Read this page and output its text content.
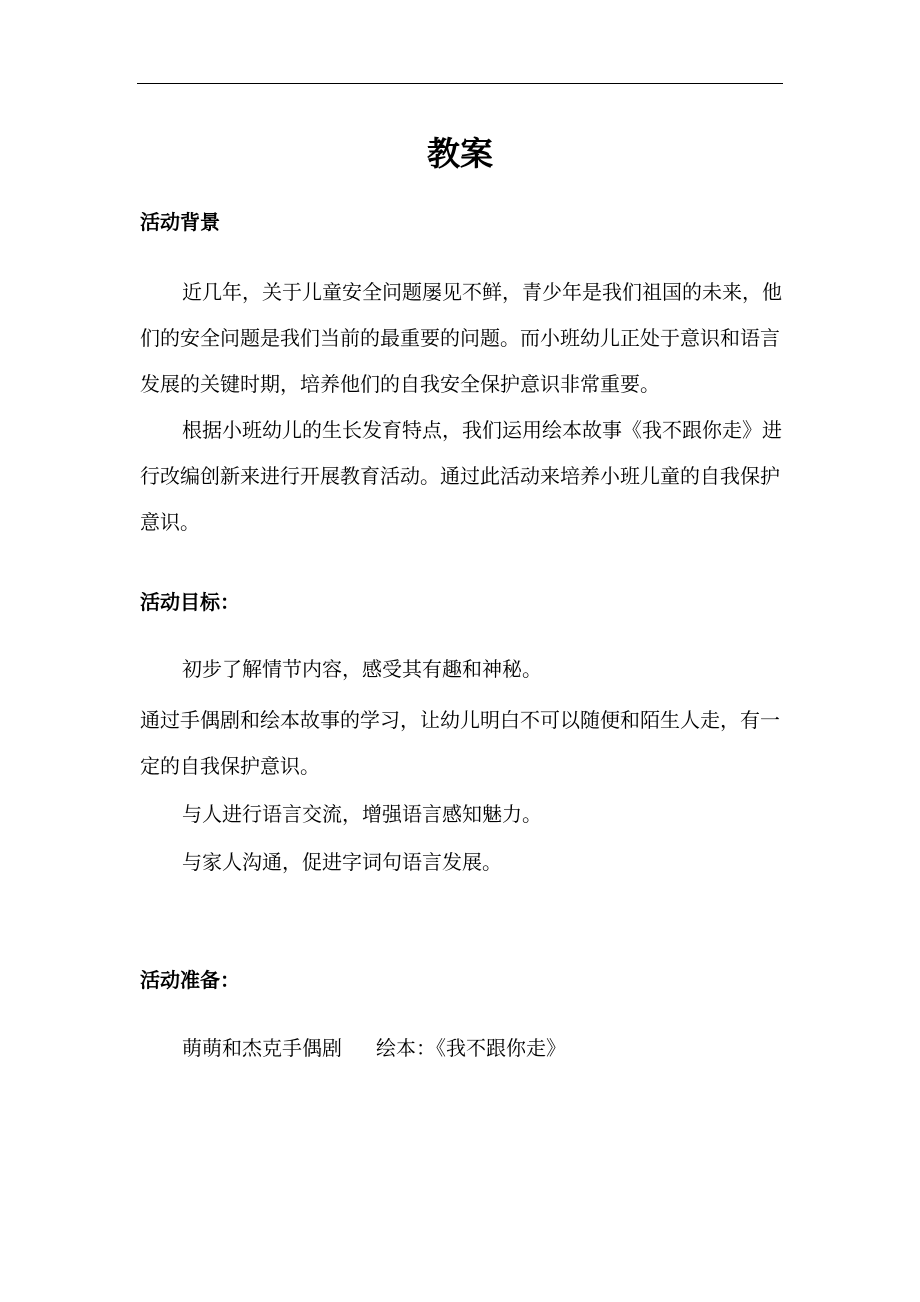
教案
活动背景

近几年，关于儿童安全问题屡见不鲜，青少年是我们祖国的未来，他们的安全问题是我们当前的最重要的问题。而小班幼儿正处于意识和语言发展的关键时期，培养他们的自我安全保护意识非常重要。

根据小班幼儿的生长发育特点，我们运用绘本故事《我不跟你走》进行改编创新来进行开展教育活动。通过此活动来培养小班儿童的自我保护意识。

活动目标：

初步了解情节内容，感受其有趣和神秘。

通过手偶剧和绘本故事的学习，让幼儿明白不可以随便和陌生人走，有一定的自我保护意识。

与人进行语言交流，增强语言感知魅力。

与家人沟通，促进字词句语言发展。

活动准备：

萌萌和杰克手偶剧 绘本：《我不跟你走》
